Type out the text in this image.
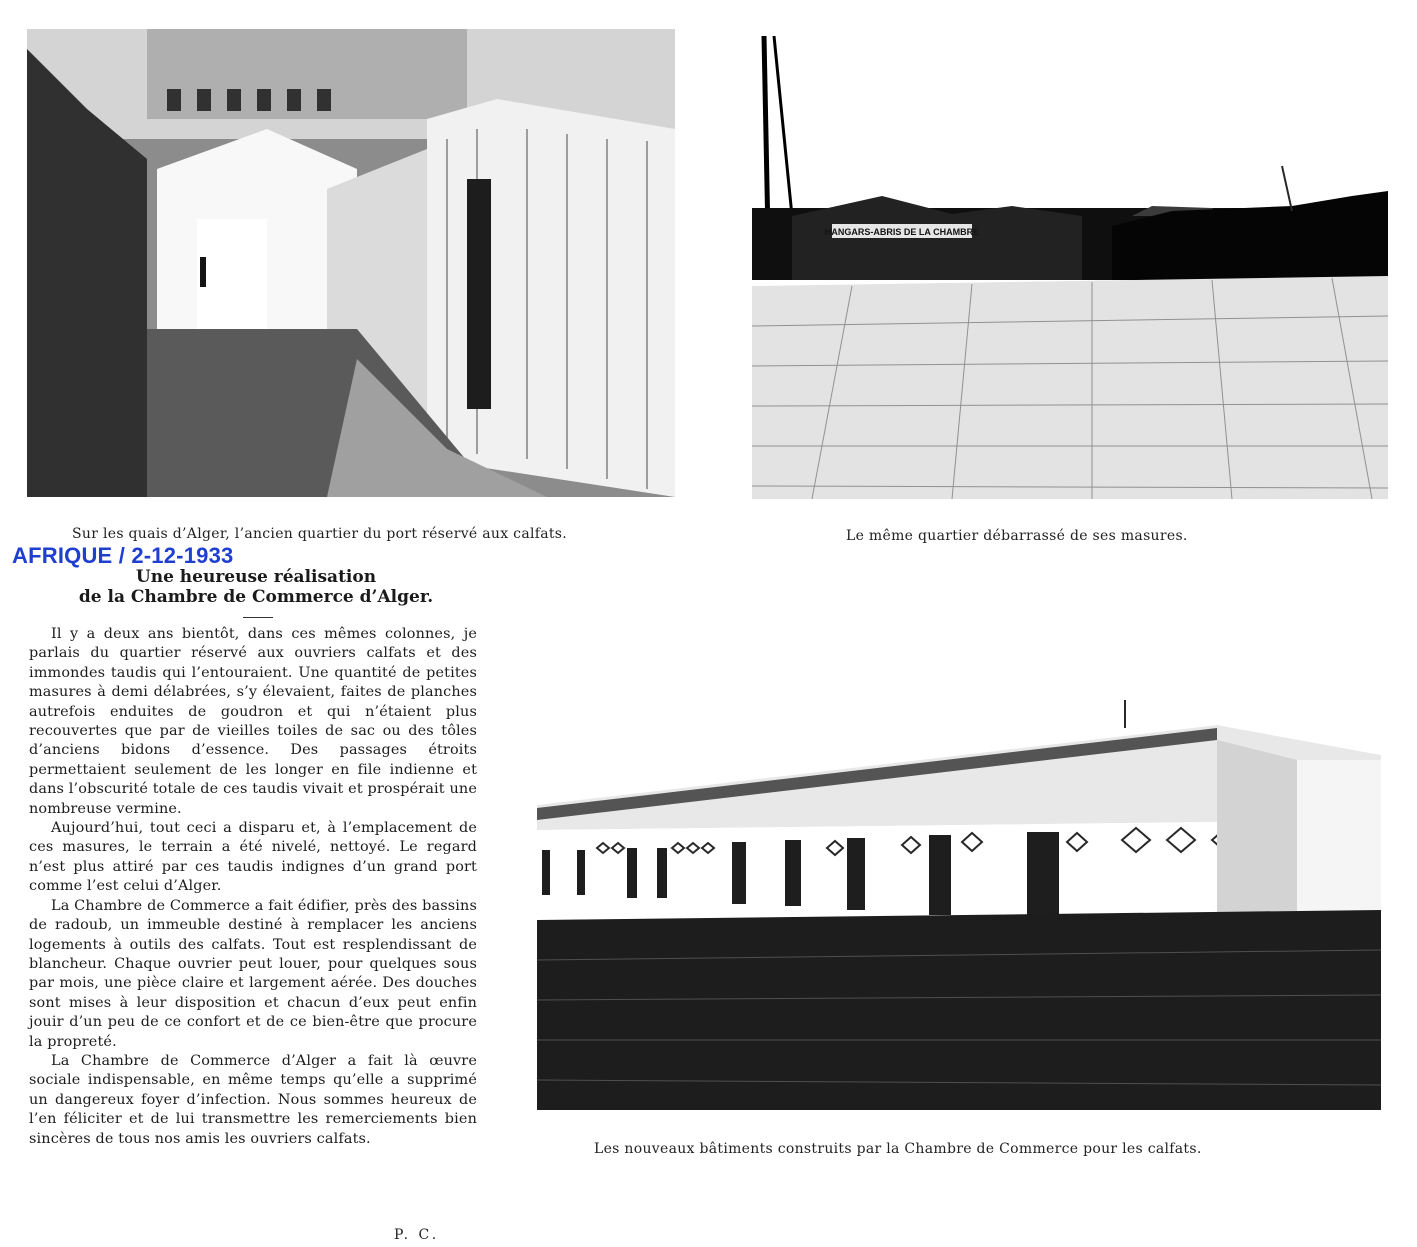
HANGARS-ABRIS DE LA CHAMBRE
Sur les quais d’Alger, l’ancien quartier du port réservé aux calfats.	Le même quartier débarrassé de ses masures.
Les nouveaux bâtiments construits par la Chambre de Commerce pour les calfats.
AFRIQUE / 2-12-1933
Une heureuse réalisation
de la Chambre de Commerce d’Alger.

Il y a deux ans bientôt, dans ces mêmes colonnes, je parlais du quartier réservé aux ouvriers calfats et des immondes taudis qui l’entouraient. Une quantité de petites masures à demi délabrées, s’y élevaient, faites de planches autrefois enduites de goudron et qui n’étaient plus recouvertes que par de vieilles toiles de sac ou des tôles d’anciens bidons d’essence. Des passages étroits permettaient seulement de les longer en file indienne et dans l’obscurité totale de ces taudis vivait et prospérait une nombreuse vermine.

Aujourd’hui, tout ceci a disparu et, à l’emplacement de ces masures, le terrain a été nivelé, nettoyé. Le regard n’est plus attiré par ces taudis indignes d’un grand port comme l’est celui d’Alger.

La Chambre de Commerce a fait édifier, près des bassins de radoub, un immeuble destiné à remplacer les anciens logements à outils des calfats. Tout est resplendissant de blancheur. Chaque ouvrier peut louer, pour quelques sous par mois, une pièce claire et largement aérée. Des douches sont mises à leur disposition et chacun d’eux peut enfin jouir d’un peu de ce confort et de ce bien-être que procure la propreté.

La Chambre de Commerce d’Alger a fait là œuvre sociale indispensable, en même temps qu’elle a supprimé un dangereux foyer d’infection. Nous sommes heureux de l’en féliciter et de lui transmettre les remerciements bien sincères de tous nos amis les ouvriers calfats.

P. C.
